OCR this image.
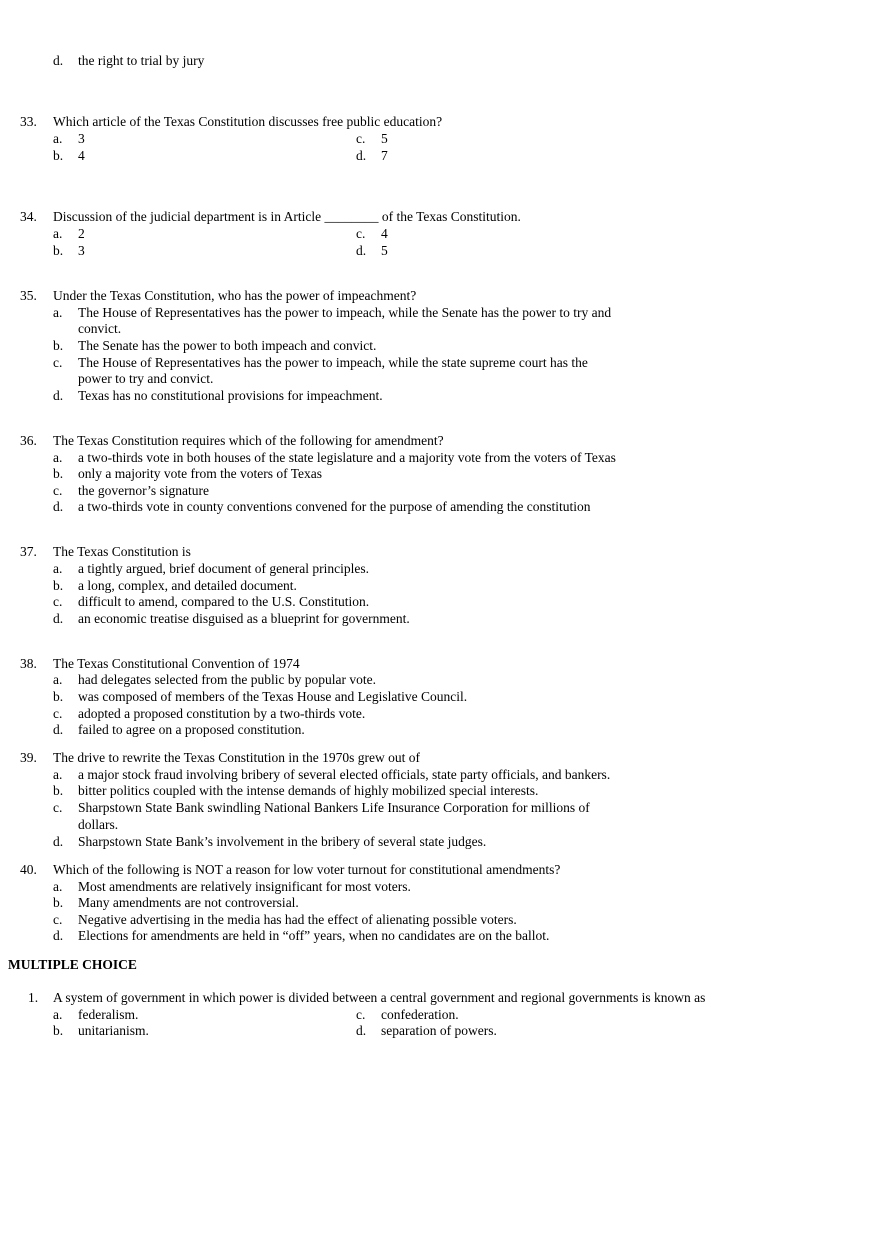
d.	the right to trial by jury
33.	Which article of the Texas Constitution discusses free public education?
a.	3	c.	5
b.	4	d.	7
34.	Discussion of the judicial department is in Article ________ of the Texas Constitution.
a.	2	c.	4
b.	3	d.	5
35.	Under the Texas Constitution, who has the power of impeachment?
a.	The House of Representatives has the power to impeach, while the Senate has the power to try and
convict.
b.	The Senate has the power to both impeach and convict.
c.	The House of Representatives has the power to impeach, while the state supreme court has the
power to try and convict.
d.	Texas has no constitutional provisions for impeachment.
36.	The Texas Constitution requires which of the following for amendment?
a.	a two-thirds vote in both houses of the state legislature and a majority vote from the voters of Texas
b.	only a majority vote from the voters of Texas
c.	the governor’s signature
d.	a two-thirds vote in county conventions convened for the purpose of amending the constitution
37.	The Texas Constitution is
a.	a tightly argued, brief document of general principles.
b.	a long, complex, and detailed document.
c.	difficult to amend, compared to the U.S. Constitution.
d.	an economic treatise disguised as a blueprint for government.
38.	The Texas Constitutional Convention of 1974
a.	had delegates selected from the public by popular vote.
b.	was composed of members of the Texas House and Legislative Council.
c.	adopted a proposed constitution by a two-thirds vote.
d.	failed to agree on a proposed constitution.
39.	The drive to rewrite the Texas Constitution in the 1970s grew out of
a.	a major stock fraud involving bribery of several elected officials, state party officials, and bankers.
b.	bitter politics coupled with the intense demands of highly mobilized special interests.
c.	Sharpstown State Bank swindling National Bankers Life Insurance Corporation for millions of
dollars.
d.	Sharpstown State Bank’s involvement in the bribery of several state judges.
40.	Which of the following is NOT a reason for low voter turnout for constitutional amendments?
a.	Most amendments are relatively insignificant for most voters.
b.	Many amendments are not controversial.
c.	Negative advertising in the media has had the effect of alienating possible voters.
d.	Elections for amendments are held in “off” years, when no candidates are on the ballot.
MULTIPLE CHOICE
1.	A system of government in which power is divided between a central government and regional governments is known as
a.	federalism.	c.	confederation.
b.	unitarianism.	d.	separation of powers.
